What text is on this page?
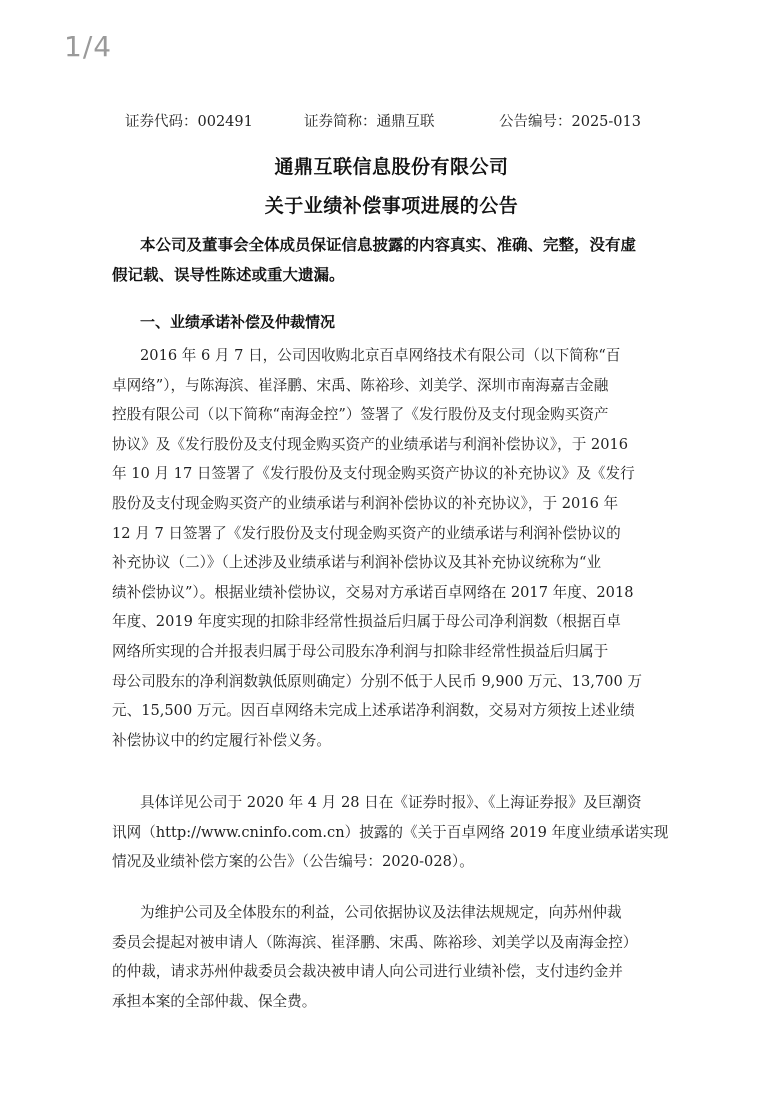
1/4
证券代码：002491	证券简称：通鼎互联	公告编号：2025-013
通鼎互联信息股份有限公司
关于业绩补偿事项进展的公告
本公司及董事会全体成员保证信息披露的内容真实、准确、完整，没有虚
假记载、误导性陈述或重大遗漏。
一、业绩承诺补偿及仲裁情况
2016 年 6 月 7 日，公司因收购北京百卓网络技术有限公司（以下简称“百
卓网络”），与陈海滨、崔泽鹏、宋禹、陈裕珍、刘美学、深圳市南海嘉吉金融
控股有限公司（以下简称“南海金控”）签署了《发行股份及支付现金购买资产
协议》及《发行股份及支付现金购买资产的业绩承诺与利润补偿协议》，于 2016
年 10 月 17 日签署了《发行股份及支付现金购买资产协议的补充协议》及《发行
股份及支付现金购买资产的业绩承诺与利润补偿协议的补充协议》，于 2016 年
12 月 7 日签署了《发行股份及支付现金购买资产的业绩承诺与利润补偿协议的
补充协议（二）》（上述涉及业绩承诺与利润补偿协议及其补充协议统称为“业
绩补偿协议”）。根据业绩补偿协议，交易对方承诺百卓网络在 2017 年度、2018
年度、2019 年度实现的扣除非经常性损益后归属于母公司净利润数（根据百卓
网络所实现的合并报表归属于母公司股东净利润与扣除非经常性损益后归属于
母公司股东的净利润数孰低原则确定）分别不低于人民币 9,900 万元、13,700 万
元、15,500 万元。因百卓网络未完成上述承诺净利润数，交易对方须按上述业绩
补偿协议中的约定履行补偿义务。
具体详见公司于 2020 年 4 月 28 日在《证券时报》、《上海证券报》及巨潮资
讯网（http://www.cninfo.com.cn）披露的《关于百卓网络 2019 年度业绩承诺实现
情况及业绩补偿方案的公告》（公告编号：2020-028）。
为维护公司及全体股东的利益，公司依据协议及法律法规规定，向苏州仲裁
委员会提起对被申请人（陈海滨、崔泽鹏、宋禹、陈裕珍、刘美学以及南海金控）
的仲裁，请求苏州仲裁委员会裁决被申请人向公司进行业绩补偿，支付违约金并
承担本案的全部仲裁、保全费。
